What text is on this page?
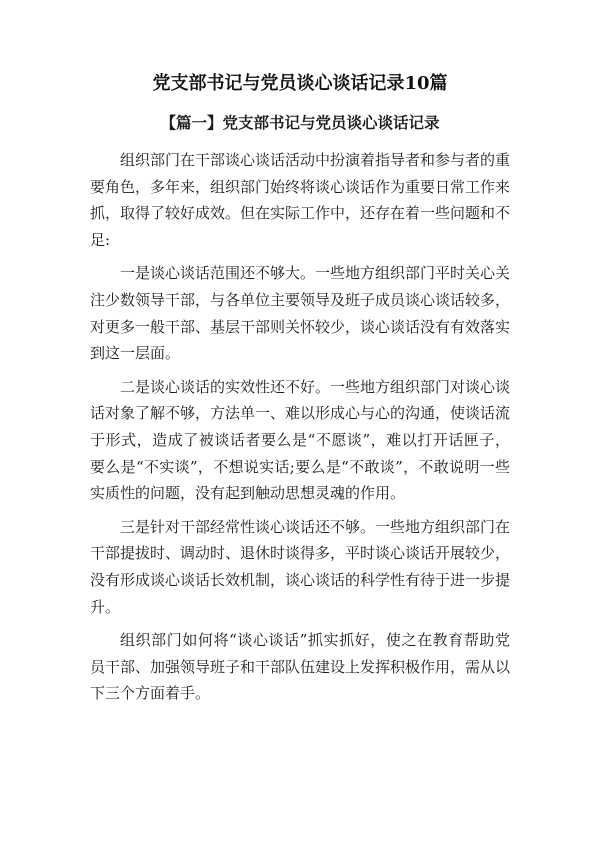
党支部书记与党员谈心谈话记录10篇
【篇一】党支部书记与党员谈心谈话记录

组织部门在干部谈心谈话活动中扮演着指导者和参与者的重要角色，多年来，组织部门始终将谈心谈话作为重要日常工作来抓，取得了较好成效。但在实际工作中，还存在着一些问题和不足:

一是谈心谈话范围还不够大。一些地方组织部门平时关心关注少数领导干部，与各单位主要领导及班子成员谈心谈话较多，对更多一般干部、基层干部则关怀较少，谈心谈话没有有效落实到这一层面。

二是谈心谈话的实效性还不好。一些地方组织部门对谈心谈话对象了解不够，方法单一、难以形成心与心的沟通，使谈话流于形式，造成了被谈话者要么是“不愿谈”，难以打开话匣子，要么是“不实谈”，不想说实话;要么是“不敢谈”，不敢说明一些实质性的问题，没有起到触动思想灵魂的作用。

三是针对干部经常性谈心谈话还不够。一些地方组织部门在干部提拔时、调动时、退休时谈得多，平时谈心谈话开展较少，没有形成谈心谈话长效机制，谈心谈话的科学性有待于进一步提升。

组织部门如何将“谈心谈话”抓实抓好，使之在教育帮助党员干部、加强领导班子和干部队伍建设上发挥积极作用，需从以下三个方面着手。
